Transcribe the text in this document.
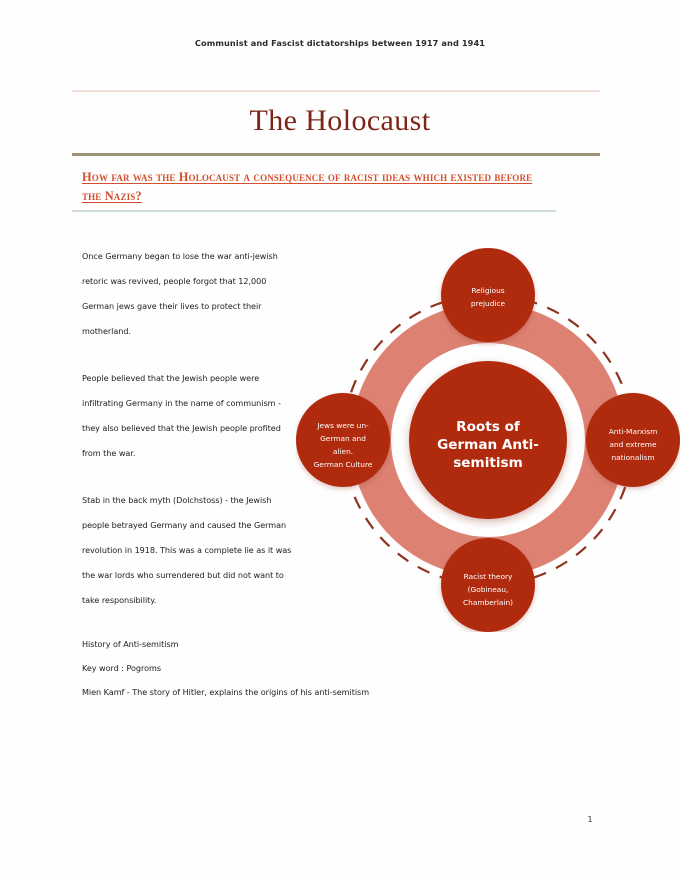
Communist and Fascist dictatorships between 1917 and 1941
The Holocaust
How far was the Holocaust a consequence of racist ideas which existed before the Nazis?

Once Germany began to lose the war anti-jewish retoric was revived, people forgot that 12,000 German jews gave their lives to protect their motherland.

People believed that the Jewish people were infiltrating Germany in the name of communism - they also believed that the Jewish people profited from the war.

Stab in the back myth (Dolchstoss) - the Jewish people betrayed Germany and caused the German revolution in 1918. This was a complete lie as it was the war lords who surrendered but did not want to take responsibility.

History of Anti-semitism
Key word : Pogroms
Mien Kamf - The story of Hitler, explains the origins of his anti-semitism
Roots of
German Anti-
semitism
Religious
prejudice
Jews were un-
German and
alien.
German Culture
Anti-Marxism
and extreme
nationalism
Racist theory
(Gobineau,
Chamberlain)
1
